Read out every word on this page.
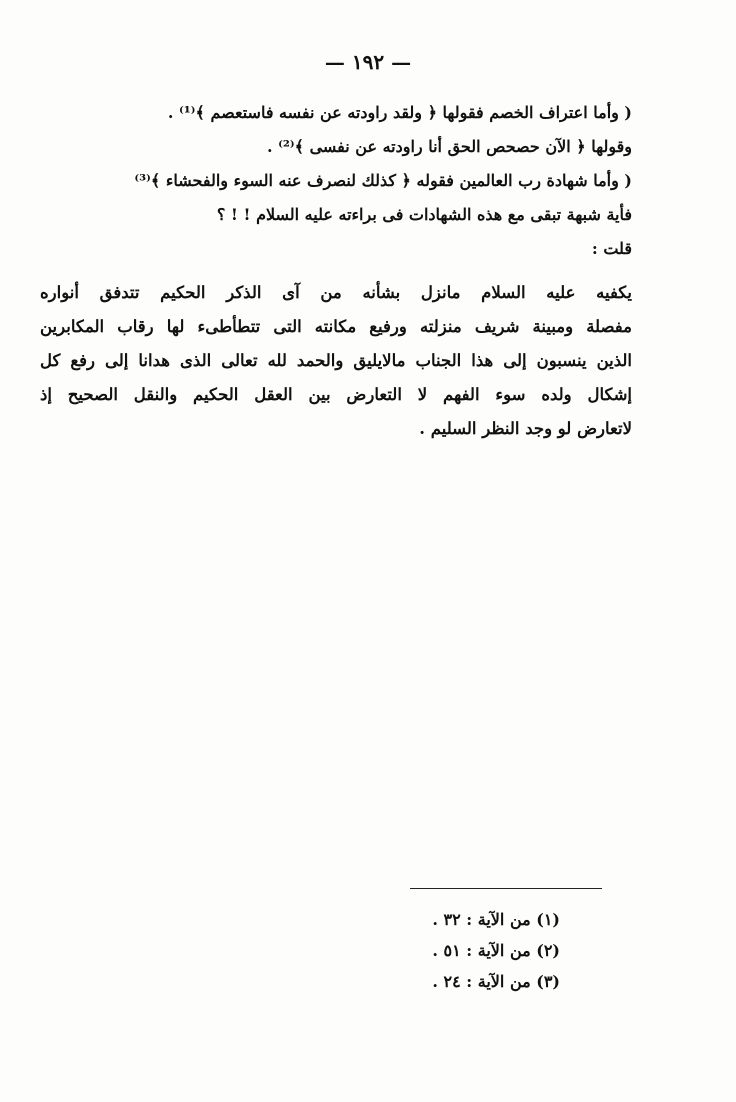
— ١٩٢ —
( وأما اعتراف الخصم فقولها ﴿ ولقد راودته عن نفسه فاستعصم ﴾⁽¹⁾ .
وقولها ﴿ الآن حصحص الحق أنا راودته عن نفسى ﴾⁽²⁾ .
( وأما شهادة رب العالمين فقوله ﴿ كذلك لنصرف عنه السوء والفحشاء ﴾⁽³⁾
فأية شبهة تبقى مع هذه الشهادات فى براءته عليه السلام ! ! ؟
قلت :
يكفيه عليه السلام مانزل بشأنه من آى الذكر الحكيم تتدفق أنواره
مفصلة ومبينة شريف منزلته ورفيع مكانته التى تتطأطىء لها رقاب المكابرين
الذين ينسبون إلى هذا الجناب مالايليق والحمد لله تعالى الذى هدانا إلى رفع كل
إشكال ولده سوء الفهم لا التعارض بين العقل الحكيم والنقل الصحيح إذ
لاتعارض لو وجد النظر السليم .
(١) من الآية : ٣٢ .
(٢) من الآية : ٥١ .
(٣) من الآية : ٢٤ .
